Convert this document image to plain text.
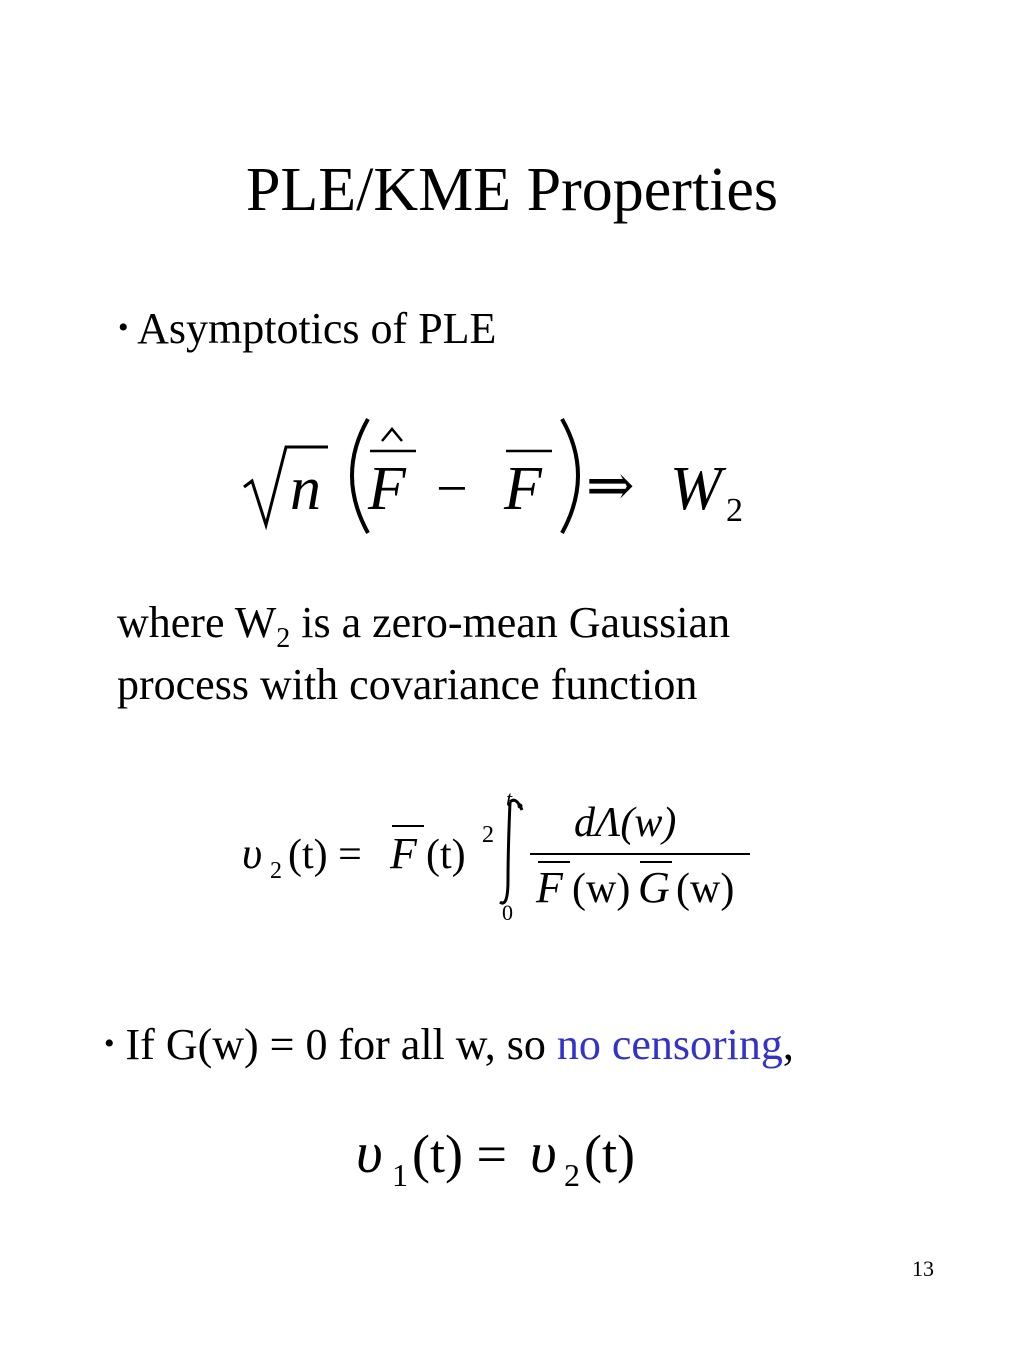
PLE/KME Properties
• Asymptotics of PLE
n F − F ⇒ W 2
where $W_2$ is a zero-mean Gaussian
process with covariance function
υ 2 (t) = F (t) 2
t
0
dΛ(w)
F (w) G (w)
• If G(w) = 0 for all w, so no censoring,
υ 1 (t) = υ 2 (t)
13
